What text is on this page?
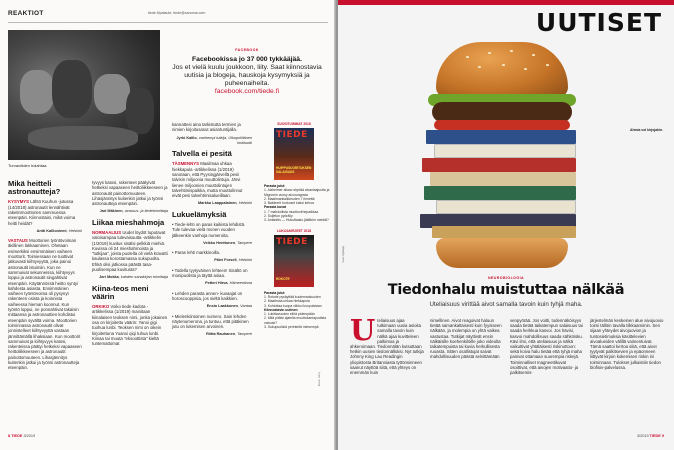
REAKTIOT	tiede.fi/palaute, tiede@sanoma.com
Turvavöiden hoiahtaa.
Mikä heitteli astronautteja?

KYSYMYS Lähtö Kuuhun -jutussa (14/2018) astronautit lennähtivät raketinmoottorien sammuessa eteenpäin. Kiinnostaisi, mikä voima heitti heidät?

Antti Kallioniemi, Helsinki

VASTAUS Moottorien työntövoiman äkillinen lakkaaminen. Ohetaan esimerkiksi ensimmäisen vaiheen moottorit. Toimiessaan ne tuottivat jatkuvasti kiihtyvyyttä, joka painoi astronautit istuimiin. Kun ne sammuivat sekunneissa, kiihtyvyys loppui ja astronautit singahtivat eteenpäin. Käytännössä heitto syntyi kahdesta asiasta. Ensimmäinen vaiheen työntövoima oli pysynyt rakenteen osista ja koinnista vaiheessa hieman koonnut. Kun työntö loppui, ne ponnahtivat takaisin mittaansa ja astronauttien kohdistui eteenpäin syvältä voima. Moottorien toiminnassa astronautit olivat jonnistelleet kiihtyvyyttä vastaan jännittämällä lihaksiaan. Kun moottorit sammuivat ja kiihtyvyys katosi, rakenteissa päätyi hetkeksi vapaaseen heittoliikkeeseen ja astronautit painottomuuteen. Lihasjännitys kuitenkin jatkui ja työnsi astronautteja eteenpäin.

tyvyys katosi, rakenteet päätyivät hetkeksi vapaaseen heittoliikkeeseen ja astronautit painottomuuteen. Lihasjännitys kuitenkin jatkui ja työnsi astronautteja eteenpäin.

Jari Mäkinen, avaruus- ja tiedetoimittaja
Liikaa mieshahmoja

NORMAALIUS Uudet löydöt tuputavat valoisampaa tulevaisuutta -artikkelin (1/2019) kuvitus sisälsi pelkkiä miehiä. Kuvissa oli 24 mieshahmoista ja "tutkijaa", joista puolella oli vielä kravatti kaulassa korostamassa sukupuolta. Ehkä olisi jatkossa päästä tasa-puolisempaa kuvitusta?

Jari Mokka, kahden sanakirjan toimittaja
Kiina-teos meni väärin

ORKIKO Voiko tiede kadota -artikkelissa (1/2019) mainitaan kiinalaisen teoksen nimi, jonka jokainen osa on kirjoitettu väärin: Yanxi gigi tuohua lunbi. Teoksen nimi on oikein kirjoitettuna Yuanxi qiqi tuhua lunbi. Kiinaa tai muuta "eksoottista" kieltä tuntemattomat

FACEBOOK
Facebookissa jo 37 000 tykkääjää.
Jos et vielä kuulu joukkoon, liity. Saat kiinnostavia uutisia ja blogeja, hauskoja kysymyksiä ja puheenaiheita.
facebook.com/tiede.fi

kannattesi aina tarkistutta termien ja nimien kirjoitusasut asiantuntijalla.

Jyrki Kallio, vanhempi tutkija, Ulkopoliittinen instituutti
Talvella ei pesitä

TÄSMENNYS Maailmaa uhkaa hiekkapula -artikkelissa (1/2019) sanotaan, että Pyysingjärvellä pesii talvisin miljoonia muuttolintuja. Järvi lienee miljoonien muuttolintujen talvehtimispaikka, mutta muuttolinnut eivät pesi talvehtimisalueillaan.

Markku Laappalainen, Helsinki
Lukuelämyksiä

• Tiede-lehti on paras kaikista lehdistä. Tule tulevaa vielä monen vuoden jälkeenkin vanhoja numeroita.

Veikko Henttonen, Tampere

• Paras lehti markkinoilla.

Päivi Forsell, Helsinki

• Todella tyytyväinen lehteen! Sisältö on monipuolista ja täyttä asiaa.

Petteri Hirva, Hämeenlinna

• Lehden parasta annen- kuvaajat on horoscooppisia, jos sieltä kaikkien.

Ensio Laakkonen, Vantaa

• Mielenkiintoinen numero. Sain lehden näytenumerona, ja tuntuu, että pitäkinen jutu on lukemisen arvoinen.

Riitta Rauhanen, Tampere
SUOSITUIMMAT 2018
TIEDE
HUIPPUSUORITUKSEN SALAISUUS
Parasta jutut
1. Alzheimer aikaa nöyrtää aivanlaajuutta ja Mignonin vuosy aivorungosta
2. Maailmankaikkeuden 7 ihmettä
3. Bakteerit horkoset kaksi kehoa
Parasta kuvat
1. 7 mahdollista muuttovirhepaikkaa
2. Suljetun pyöräily
3. Antarktis — Hukuttaako jäätikön meidät?
LUKIJAKIRJEET 2018
TIEDE
ROKOTE
Parasta jutut
1. Rokote pysäyttää kuolemankuuden
2. Maailmaa uhkaa hiekkapula
3. Kohiottaa kuopa viikkoi kuopuistaan
Kiinnostavin uutinen
1. Lukittavuuden eliöä pidempään
2. Mitä pitäisi ajatella muuttokantapodista vaivuisi?
3. Sukupuolisiä perinteitä miesempä
Kuvat: Getty
8 TIEDE 3/2019
UUTISET
Ahmia voi kirjojakin.
Kuva: Ingimage
NEUROBIOLOGIA
Tiedonhalu muistuttaa nälkää
Uteliaisuus virittää aivot samalla tavoin kuin tyhjä maha.
U teliaisuus ajaa tutkimaan uusia asioita samalla tavoin kuin nälkä ajaa kuvitteleen palkintoa ja ahkeroimaan. Tiedonnälän kutsuttaan hetkin uusien tiedonnälkäisi. Nyt tutkija Johnny King Lau Readingin yliopistosta Britanniasta tyttönsinneen saanut näyttöä siitä, että yhteys on enemmän kuin
nimellinen. Aivot reagoivat haluun tietää samankaltaisesti kuin fyysiseen nälkään, ja molempia on yhtä vaikea vastustaa. Tutkijat näyttivät ensin nälkäisille koehenkilöille joko videolta taikatempuista tai kuvia herkullisesta ruoasta. Sitten osallistujat saivat mahdollisuuden päästä selvittämään
venpyörää. Jos voitti, todennäköisyys saada tietää taikatempun salaisuus tai saada herkkua kasvoi. Jos hävisi, kasvoi mahdollisuus saada sähköisku. Kävi ilmi, että uteliaisuus ja nälkä vaikuttivat yhtäläisesti riskinottoon: sekä koiva halu tietää että tyhjä maha panivat ottamaan suurempia riskejä. Toiminnalliset magneettikuvat osoittivat, että aivojen motivaatio- ja palkitsemis-
järjestelmän keskeinen alue aivojuovio toimi tällöin tavalla tilkkaamimin. Sen sijaan yhteydet aivojuovion ja tuntosietimuksia käsittelevien aivoalueiden välillä vaimentuivat. Tämä saattoi kertoa siitä, että aivot tyytyvät palkitsevien ja epäonneen liittyvät kirjoin kokemisen riskin ini toiminnaan. Tulokset julkaistiin tiedon biofisiv-palvelussa.
3/2019 TIEDE 9
